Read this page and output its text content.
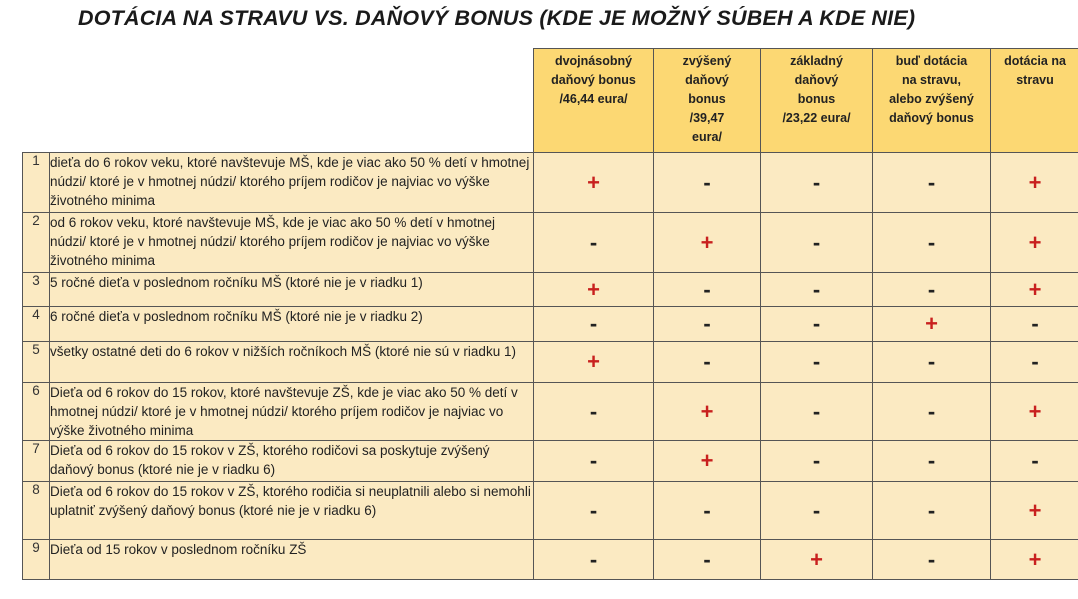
DOTÁCIA NA STRAVU VS. DAŇOVÝ BONUS (KDE JE MOŽNÝ SÚBEH A KDE NIE)
		dvojnásobný
daňový bonus
/46,44 eura/	zvýšený
daňový
bonus
/39,47
eura/	základný
daňový
bonus
/23,22 eura/	buď dotácia
na stravu,
alebo zvýšený
daňový bonus	dotácia na
stravu
1	dieťa do 6 rokov veku, ktoré navštevuje MŠ, kde je viac ako 50 % detí v hmotnej núdzi/ ktoré je v hmotnej núdzi/ ktorého príjem rodičov je najviac vo výške životného minima	+	-	-	-	+
2	od 6 rokov veku, ktoré navštevuje MŠ, kde je viac ako 50 % detí v hmotnej núdzi/ ktoré je v hmotnej núdzi/ ktorého príjem rodičov je najviac vo výške životného minima	-	+	-	-	+
3	5 ročné dieťa v poslednom ročníku MŠ (ktoré nie je v riadku 1)	+	-	-	-	+
4	6 ročné dieťa v poslednom ročníku MŠ (ktoré nie je v riadku 2)	-	-	-	+	-
5	všetky ostatné deti do 6 rokov v nižších ročníkoch MŠ (ktoré nie sú v riadku 1)	+	-	-	-	-
6	Dieťa od 6 rokov do 15 rokov, ktoré navštevuje ZŠ, kde je viac ako 50 % detí v hmotnej núdzi/ ktoré je v hmotnej núdzi/ ktorého príjem rodičov je najviac vo výške životného minima	-	+	-	-	+
7	Dieťa od 6 rokov do 15 rokov v ZŠ, ktorého rodičovi sa poskytuje zvýšený daňový bonus (ktoré nie je v riadku 6)	-	+	-	-	-
8	Dieťa od 6 rokov do 15 rokov v ZŠ, ktorého rodičia si neuplatnili alebo si nemohli uplatniť zvýšený daňový bonus (ktoré nie je v riadku 6)	-	-	-	-	+
9	Dieťa od 15 rokov v poslednom ročníku ZŠ	-	-	+	-	+
